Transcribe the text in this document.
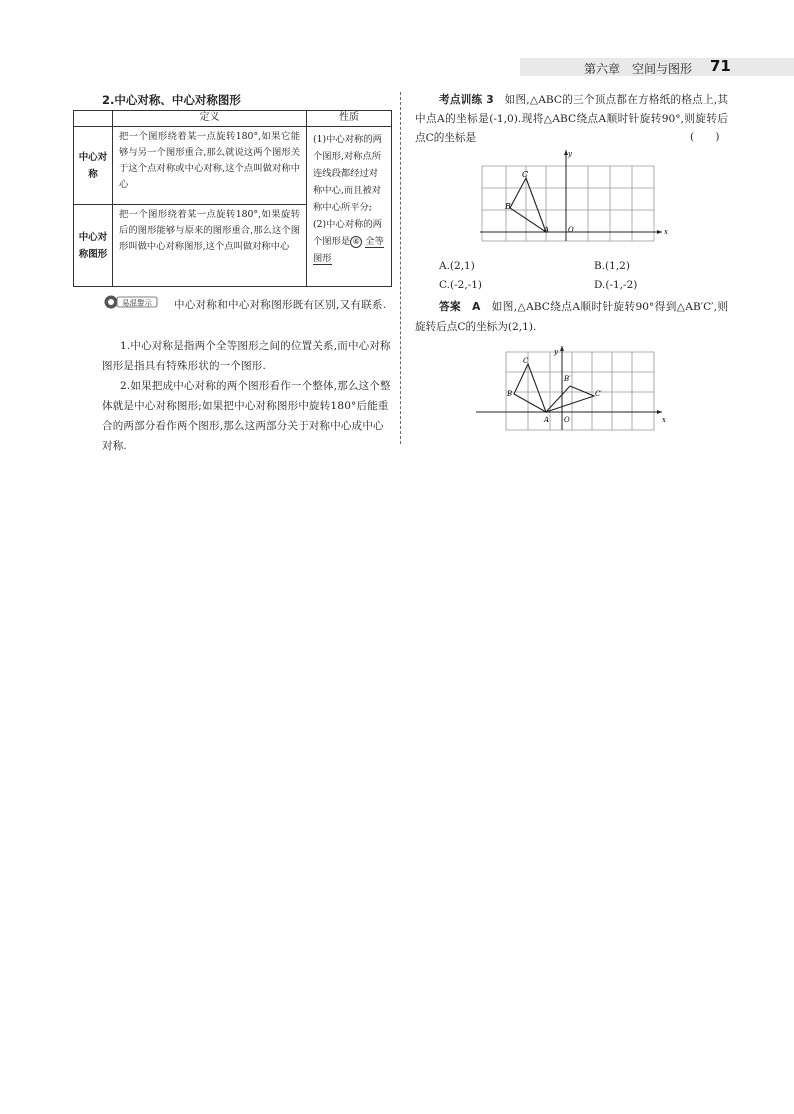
第六章　空间与图形 71
2.中心对称、中心对称图形
	定义	性质
中心对称	把一个图形绕着某一点旋转180°,如果它能够与另一个图形重合,那么就说这两个图形关于这个点对称或中心对称,这个点叫做对称中心	(1)中心对称的两个图形,对称点所连线段都经过对称中心,而且被对称中心所平分;
(2)中心对称的两个图形是 ⑥ 全等图形
中心对称图形	把一个图形绕着某一点旋转180°,如果旋转后的图形能够与原来的图形重合,那么这个图形叫做中心对称图形,这个点叫做对称中心	
易混警示	中心对称和中心对称图形既有区别,又有联系.
1.中心对称是指两个全等图形之间的位置关系,而中心对称图形是指具有特殊形状的一个图形.
2.如果把成中心对称的两个图形看作一个整体,那么这个整体就是中心对称图形;如果把中心对称图形中旋转180°后能重合的两部分看作两个图形,那么这两部分关于对称中心成中心对称.
考点训练 3　 如图,△ABC的三个顶点都在方格纸的格点上,其中点A的坐标是(-1,0).现将△ABC绕点A顺时针旋转90°,则旋转后点C的坐标是	(　　)
C
B
A	O	x
y
A.(2,1)	B.(1,2)
C.(-2,-1)	D.(-1,-2)
答案　 A　 如图,△ABC绕点A顺时针旋转90°得到△AB′C′,则旋转后点C的坐标为(2,1).
C
B
A O
B′
C′
x
y
